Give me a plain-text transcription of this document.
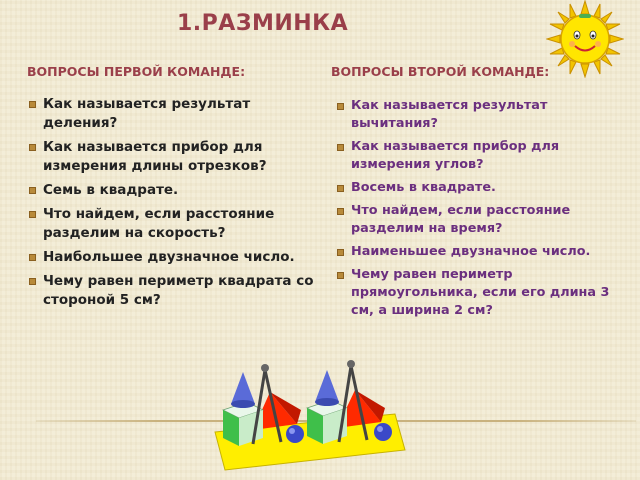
1.РАЗМИНКА
ВОПРОСЫ ПЕРВОЙ КОМАНДЕ:	ВОПРОСЫ ВТОРОЙ КОМАНДЕ:
Как называется результат деления?
Как называется прибор для измерения длины отрезков?
Семь в квадрате.
Что найдем, если расстояние разделим на скорость?
Наибольшее двузначное число.
Чему равен периметр квадрата со стороной 5 см?
Как называется результат вычитания?
Как называется прибор для измерения углов?
Восемь в квадрате.
Что найдем, если расстояние разделим на время?
Наименьшее двузначное число.
Чему равен периметр прямоугольника, если его длина 3 см, а ширина 2 см?
